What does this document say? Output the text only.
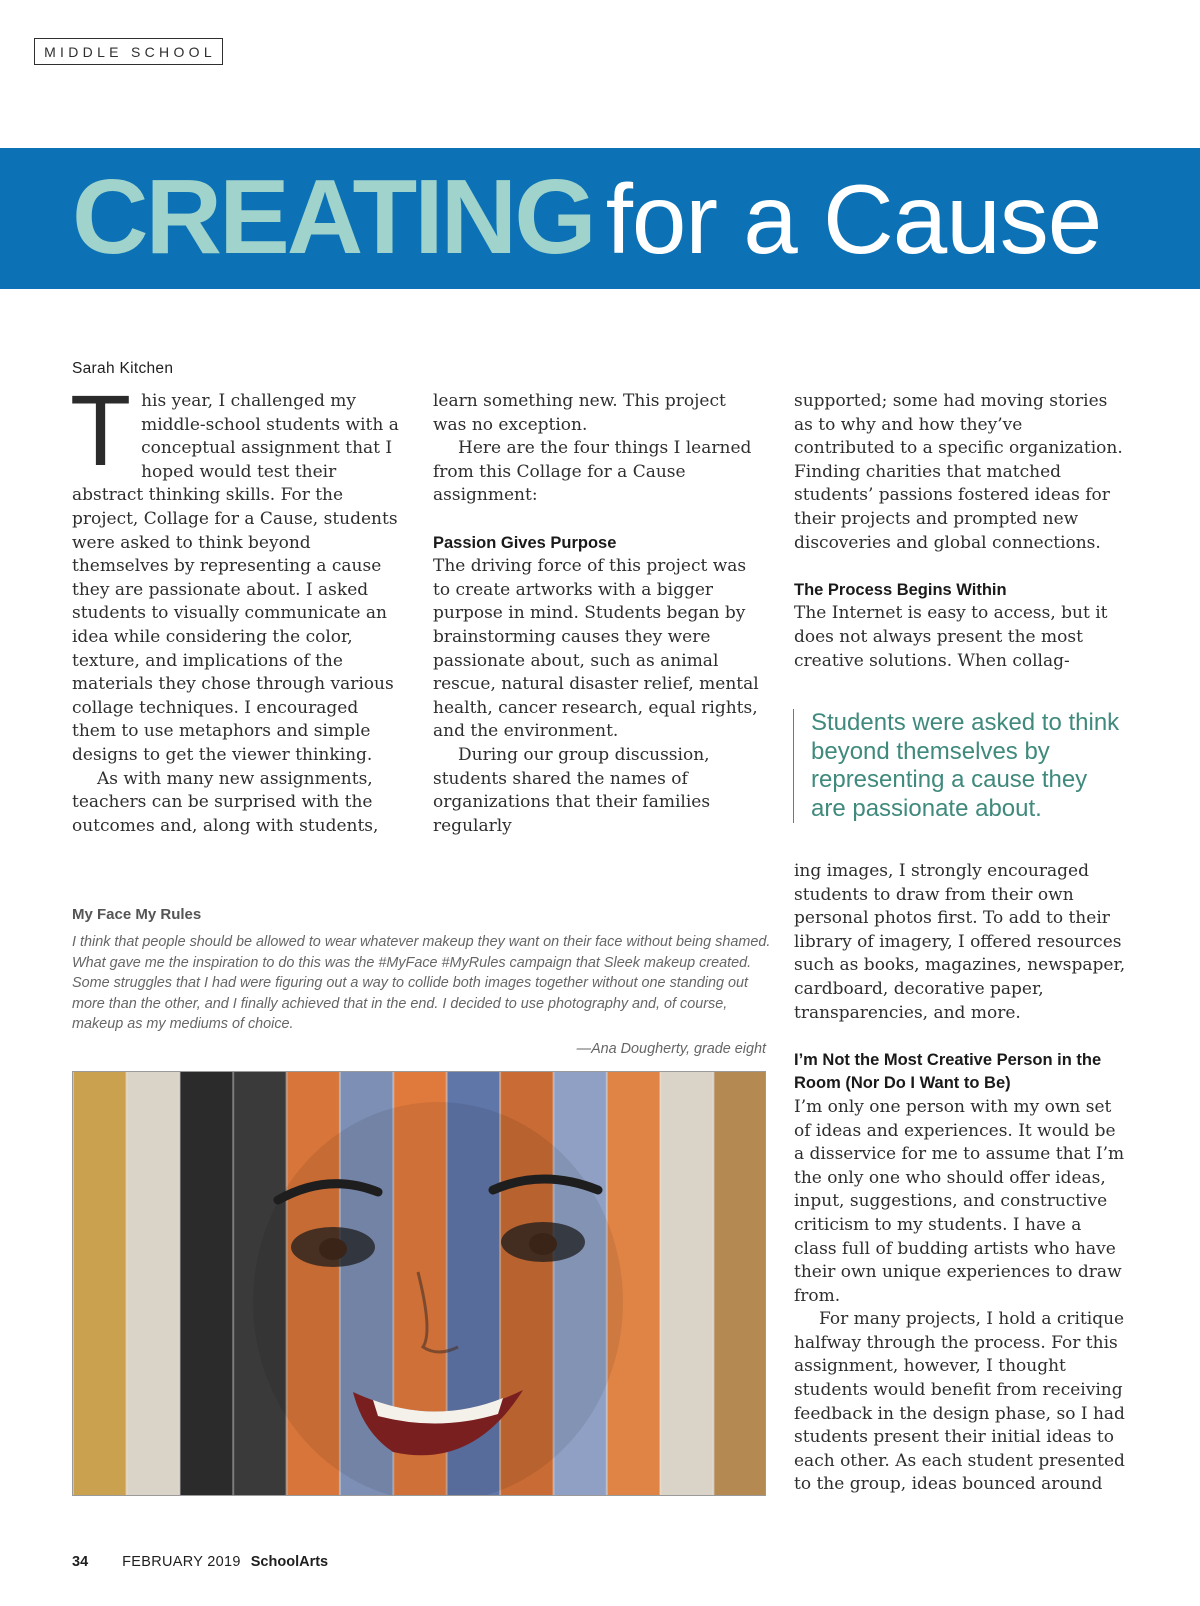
MIDDLE SCHOOL
CREATING for a Cause
Sarah Kitchen
T his year, I challenged my middle-school students with a conceptual assignment that I hoped would test their abstract thinking skills. For the project, Collage for a Cause, students were asked to think beyond themselves by representing a cause they are passionate about. I asked students to visually communicate an idea while considering the color, texture, and implications of the materials they chose through various collage techniques. I encouraged them to use metaphors and simple designs to get the viewer thinking.

As with many new assignments, teachers can be surprised with the outcomes and, along with students,

learn something new. This project was no exception.

Here are the four things I learned from this Collage for a Cause assignment:

Passion Gives Purpose

The driving force of this project was to create artworks with a bigger purpose in mind. Students began by brainstorming causes they were passionate about, such as animal rescue, natural disaster relief, mental health, cancer research, equal rights, and the environment.

During our group discussion, students shared the names of organizations that their families regularly

supported; some had moving stories as to why and how they’ve contributed to a specific organization. Finding charities that matched students’ passions fostered ideas for their projects and prompted new discoveries and global connections.

The Process Begins Within

The Internet is easy to access, but it does not always present the most creative solutions. When collag-

Students were asked to think beyond themselves by representing a cause they are passionate about.

ing images, I strongly encouraged students to draw from their own personal photos first. To add to their library of imagery, I offered resources such as books, magazines, newspaper, cardboard, decorative paper, transparencies, and more.

I’m Not the Most Creative Person in the Room (Nor Do I Want to Be)

I’m only one person with my own set of ideas and experiences. It would be a disservice for me to assume that I’m the only one who should offer ideas, input, suggestions, and constructive criticism to my students. I have a class full of budding artists who have their own unique experiences to draw from.

For many projects, I hold a critique halfway through the process. For this assignment, however, I thought students would benefit from receiving feedback in the design phase, so I had students present their initial ideas to each other. As each student presented to the group, ideas bounced around

My Face My Rules
I think that people should be allowed to wear whatever makeup they want on their face without being shamed. What gave me the inspiration to do this was the #MyFace #MyRules campaign that Sleek makeup created. Some struggles that I had were figuring out a way to collide both images together without one standing out more than the other, and I finally achieved that in the end. I decided to use photography and, of course, makeup as my mediums of choice.
—Ana Dougherty, grade eight
34 FEBRUARY 2019 SchoolArts
